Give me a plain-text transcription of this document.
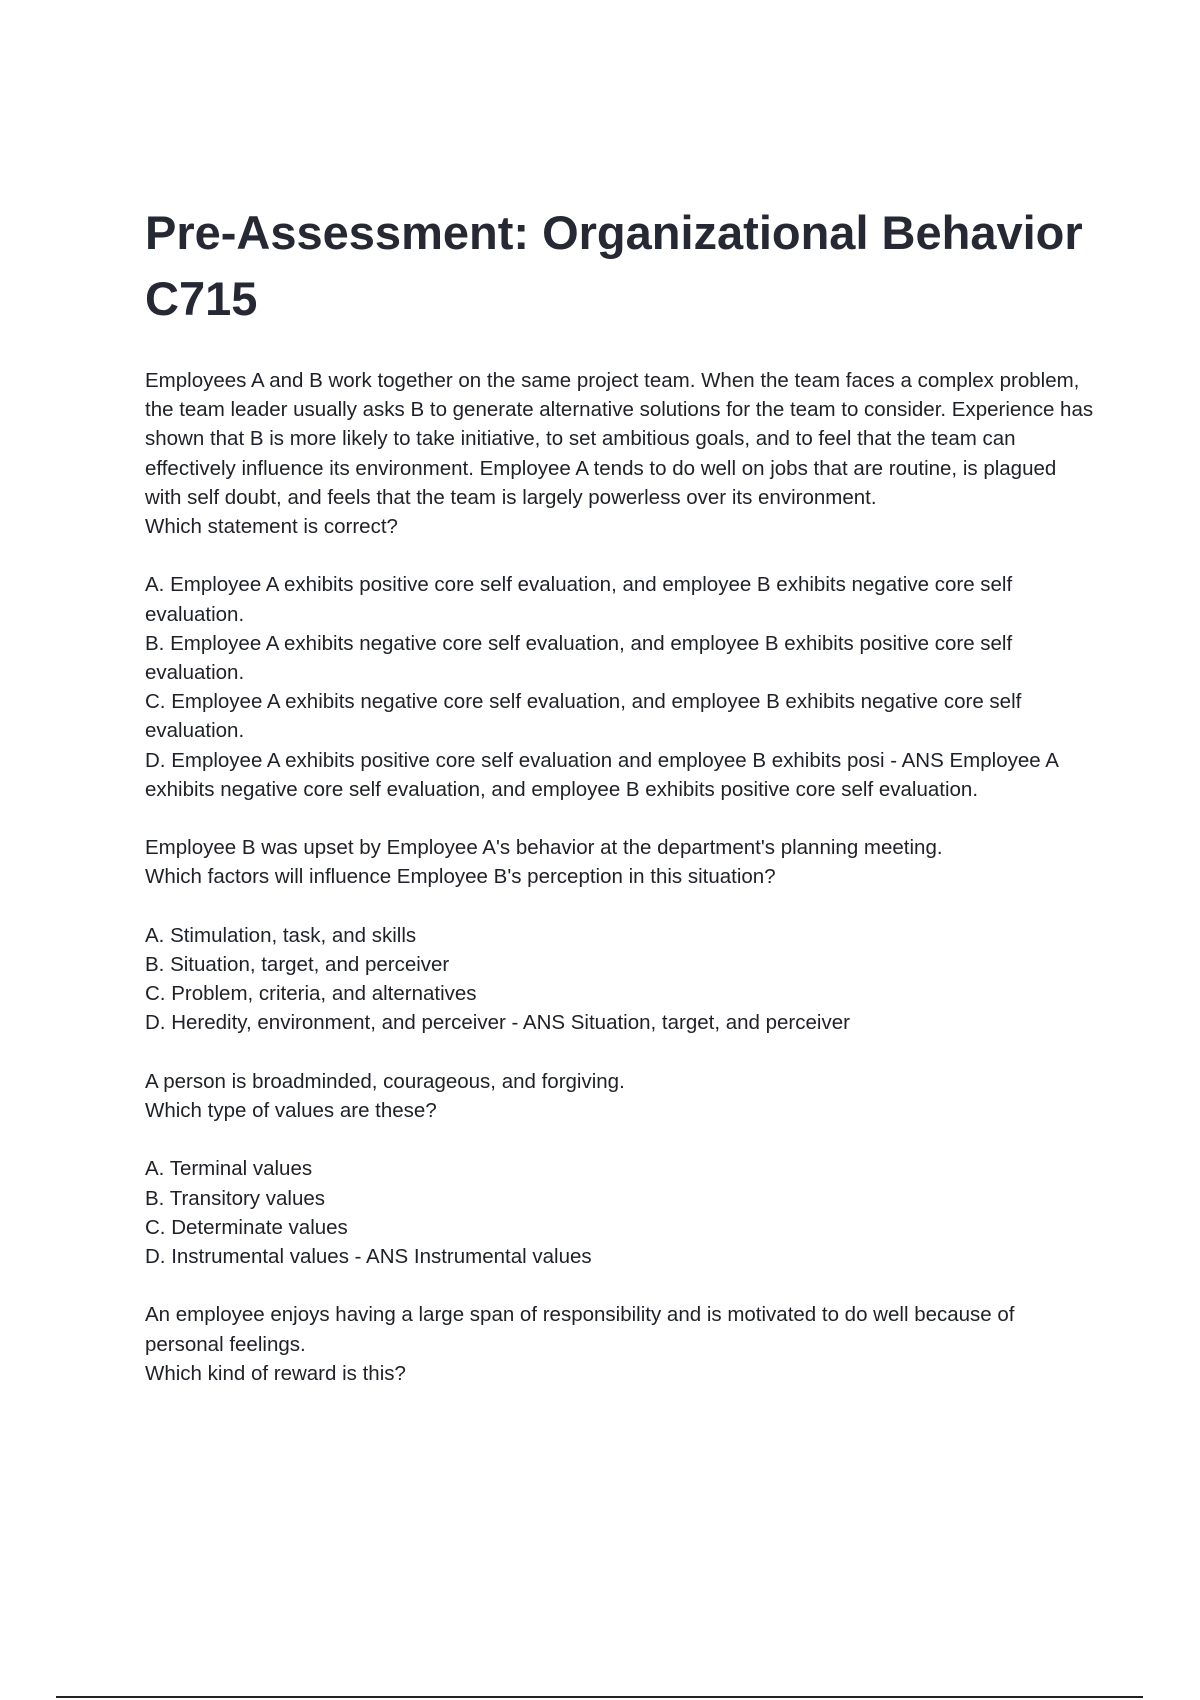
Pre-Assessment: Organizational Behavior C715

Employees A and B work together on the same project team. When the team faces a complex problem, the team leader usually asks B to generate alternative solutions for the team to consider. Experience has shown that B is more likely to take initiative, to set ambitious goals, and to feel that the team can effectively influence its environment. Employee A tends to do well on jobs that are routine, is plagued with self doubt, and feels that the team is largely powerless over its environment.
Which statement is correct?

A. Employee A exhibits positive core self evaluation, and employee B exhibits negative core self evaluation.
B. Employee A exhibits negative core self evaluation, and employee B exhibits positive core self evaluation.
C. Employee A exhibits negative core self evaluation, and employee B exhibits negative core self evaluation.
D. Employee A exhibits positive core self evaluation and employee B exhibits posi - ANS Employee A exhibits negative core self evaluation, and employee B exhibits positive core self evaluation.

Employee B was upset by Employee A's behavior at the department's planning meeting.
Which factors will influence Employee B's perception in this situation?

A. Stimulation, task, and skills
B. Situation, target, and perceiver
C. Problem, criteria, and alternatives
D. Heredity, environment, and perceiver - ANS Situation, target, and perceiver

A person is broadminded, courageous, and forgiving.
Which type of values are these?

A. Terminal values
B. Transitory values
C. Determinate values
D. Instrumental values - ANS Instrumental values

An employee enjoys having a large span of responsibility and is motivated to do well because of personal feelings.
Which kind of reward is this?
